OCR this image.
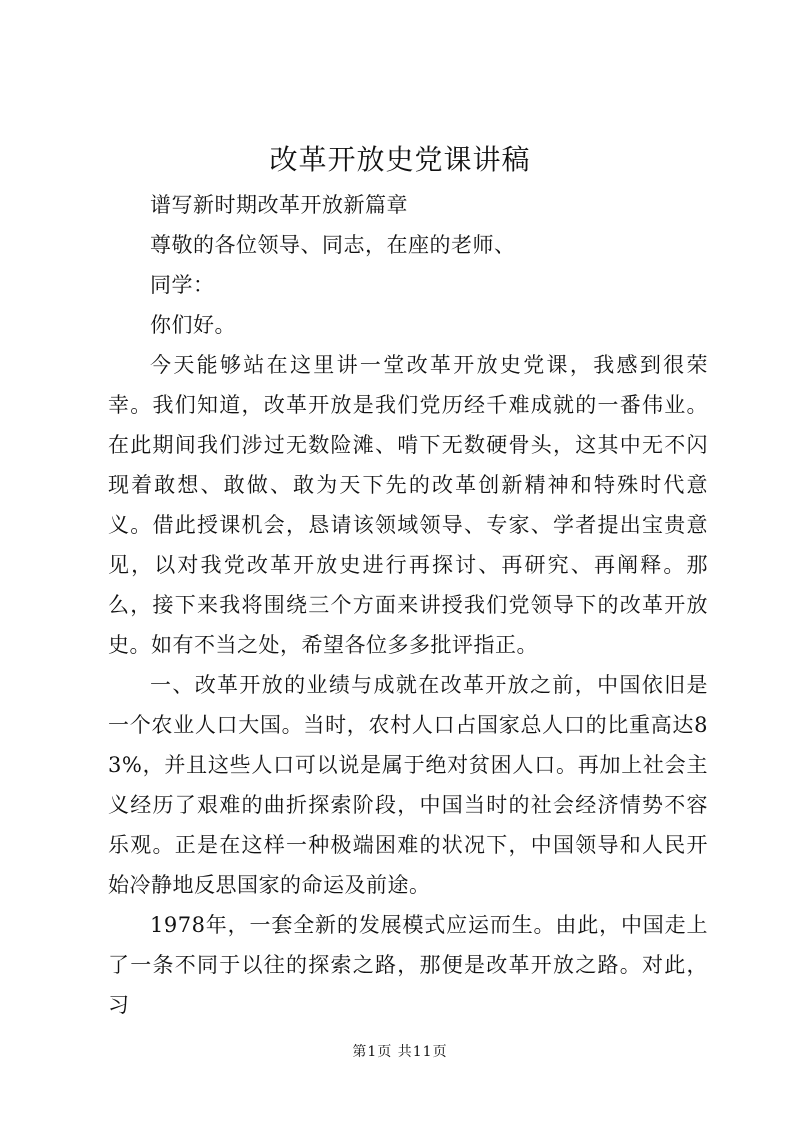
改革开放史党课讲稿

谱写新时期改革开放新篇章

尊敬的各位领导、同志，在座的老师、

同学：

你们好。

今天能够站在这里讲一堂改革开放史党课，我感到很荣幸。我们知道，改革开放是我们党历经千难成就的一番伟业。在此期间我们涉过无数险滩、啃下无数硬骨头，这其中无不闪现着敢想、敢做、敢为天下先的改革创新精神和特殊时代意义。借此授课机会，恳请该领域领导、专家、学者提出宝贵意见，以对我党改革开放史进行再探讨、再研究、再阐释。那么，接下来我将围绕三个方面来讲授我们党领导下的改革开放史。如有不当之处，希望各位多多批评指正。

一、改革开放的业绩与成就在改革开放之前，中国依旧是一个农业人口大国。当时，农村人口占国家总人口的比重高达83%，并且这些人口可以说是属于绝对贫困人口。再加上社会主义经历了艰难的曲折探索阶段，中国当时的社会经济情势不容乐观。正是在这样一种极端困难的状况下，中国领导和人民开始冷静地反思国家的命运及前途。

1978年，一套全新的发展模式应运而生。由此，中国走上了一条不同于以往的探索之路，那便是改革开放之路。对此，习

第1页 共11页
